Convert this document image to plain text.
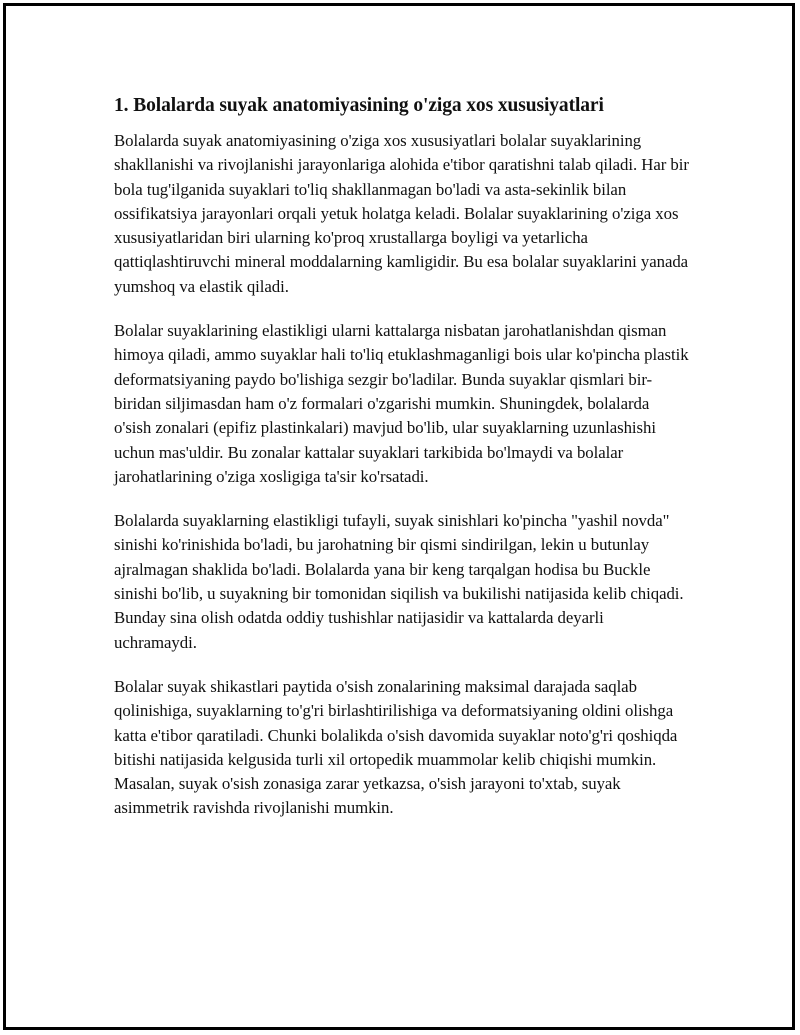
1. Bolalarda suyak anatomiyasining o'ziga xos xususiyatlari

Bolalarda suyak anatomiyasining o'ziga xos xususiyatlari bolalar suyaklarining shakllanishi va rivojlanishi jarayonlariga alohida e'tibor qaratishni talab qiladi. Har bir bola tug'ilganida suyaklari to'liq shakllanmagan bo'ladi va asta-sekinlik bilan ossifikatsiya jarayonlari orqali yetuk holatga keladi. Bolalar suyaklarining o'ziga xos xususiyatlaridan biri ularning ko'proq xrustallarga boyligi va yetarlicha qattiqlashtiruvchi mineral moddalarning kamligidir. Bu esa bolalar suyaklarini yanada yumshoq va elastik qiladi.

Bolalar suyaklarining elastikligi ularni kattalarga nisbatan jarohatlanishdan qisman himoya qiladi, ammo suyaklar hali to'liq etuklashmaganligi bois ular ko'pincha plastik deformatsiyaning paydo bo'lishiga sezgir bo'ladilar. Bunda suyaklar qismlari bir-biridan siljimasdan ham o'z formalari o'zgarishi mumkin. Shuningdek, bolalarda o'sish zonalari (epifiz plastinkalari) mavjud bo'lib, ular suyaklarning uzunlashishi uchun mas'uldir. Bu zonalar kattalar suyaklari tarkibida bo'lmaydi va bolalar jarohatlarining o'ziga xosligiga ta'sir ko'rsatadi.

Bolalarda suyaklarning elastikligi tufayli, suyak sinishlari ko'pincha "yashil novda" sinishi ko'rinishida bo'ladi, bu jarohatning bir qismi sindirilgan, lekin u butunlay ajralmagan shaklida bo'ladi. Bolalarda yana bir keng tarqalgan hodisa bu Buckle sinishi bo'lib, u suyakning bir tomonidan siqilish va bukilishi natijasida kelib chiqadi. Bunday sina olish odatda oddiy tushishlar natijasidir va kattalarda deyarli uchramaydi.

Bolalar suyak shikastlari paytida o'sish zonalarining maksimal darajada saqlab qolinishiga, suyaklarning to'g'ri birlashtirilishiga va deformatsiyaning oldini olishga katta e'tibor qaratiladi. Chunki bolalikda o'sish davomida suyaklar noto'g'ri qoshiqda bitishi natijasida kelgusida turli xil ortopedik muammolar kelib chiqishi mumkin. Masalan, suyak o'sish zonasiga zarar yetkazsa, o'sish jarayoni to'xtab, suyak asimmetrik ravishda rivojlanishi mumkin.
